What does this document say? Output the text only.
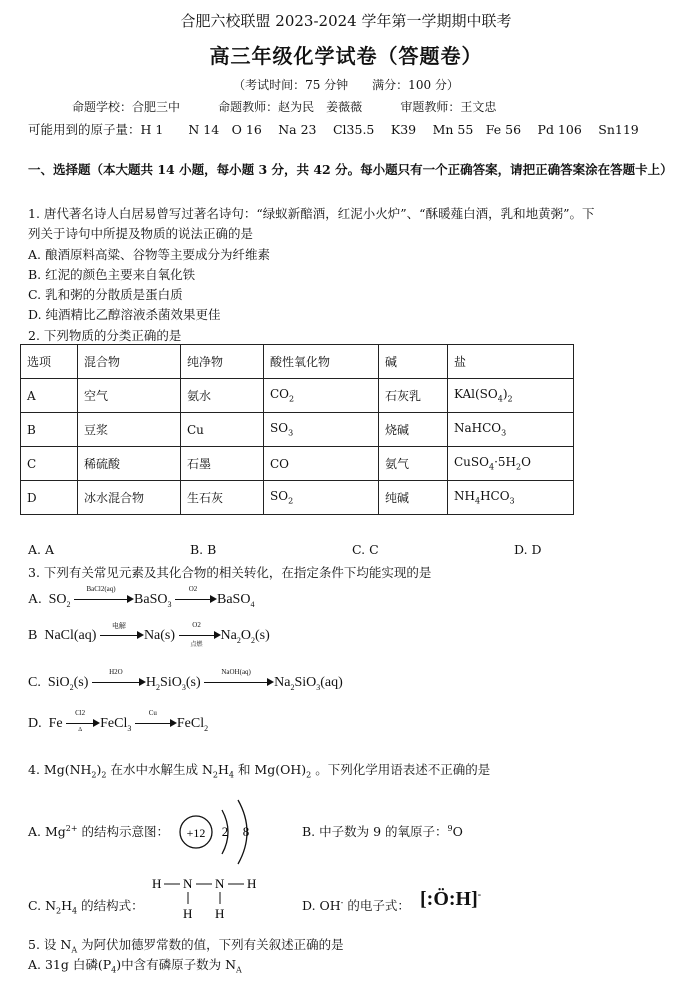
合肥六校联盟 2023-2024 学年第一学期期中联考
高三年级化学试卷（答题卷）
（考试时间：75 分钟　　满分：100 分）
命题学校：合肥三中	命题教师：赵为民　姜薇薇	审题教师：王文忠
可能用到的原子量：H 1　　N 14　O 16　 Na 23　 Cl35.5　 K39　 Mn 55　Fe 56　 Pd 106　 Sn119
一、选择题（本大题共 14 小题，每小题 3 分，共 42 分。每小题只有一个正确答案，请把正确答案涂在答题卡上）
1. 唐代著名诗人白居易曾写过著名诗句：“绿蚁新醅酒，红泥小火炉”、“酥暖薤白酒，乳和地黄粥”。下
列关于诗句中所提及物质的说法正确的是
A. 酿酒原料高粱、谷物等主要成分为纤维素
B. 红泥的颜色主要来自氧化铁
C. 乳和粥的分散质是蛋白质
D. 纯酒精比乙醇溶液杀菌效果更佳
2. 下列物质的分类正确的是
选项	混合物	纯净物	酸性氧化物	碱	盐
A	空气	氨水	$CO_2$	石灰乳	$KAl(SO_4)_2$
B	豆浆	Cu	$SO_3$	烧碱	NaHCO$_3$
C	稀硫酸	石墨	CO	氨气	$CuSO_4\cdot 5H_2O$
D	冰水混合物	生石灰	$SO_2$	纯碱	$NH_4HCO_3$
A. A	B. B	C. C	D. D
3. 下列有关常见元素及其化合物的相关转化，在指定条件下均能实现的是
A.  $SO_2$
BaCl2(aq)
BaSO$_3$
O2
BaSO$_4$
B  NaCl(aq)
电解
Na(s)
O2
点燃
$Na_2O_2(s)$
C.  SiO$_2$(s)
H2O
$H_2SiO_3(s)$
NaOH(aq)
$Na_2SiO_3(aq)$
D.  Fe
Cl2
Δ	FeCl$_3$
Cu
FeCl$_2$
4. $Mg(NH_2)_2$ 在水中水解生成 $N_2H_4$ 和 $Mg(OH)_2$ 。下列化学用语表述不正确的是
A. $Mg^{2+}$ 的结构示意图： +12 2 8	B. 中子数为 9 的氧原子：$^9$O
C. $N_2H_4$ 的结构式：
H N N H
H H
D. OH- 的电子式： [:Ö:H]-
5. 设 $N_A$ 为阿伏加德罗常数的值，下列有关叙述正确的是
A. 31g 白磷$(P_4)$中含有磷原子数为 $N_A$
